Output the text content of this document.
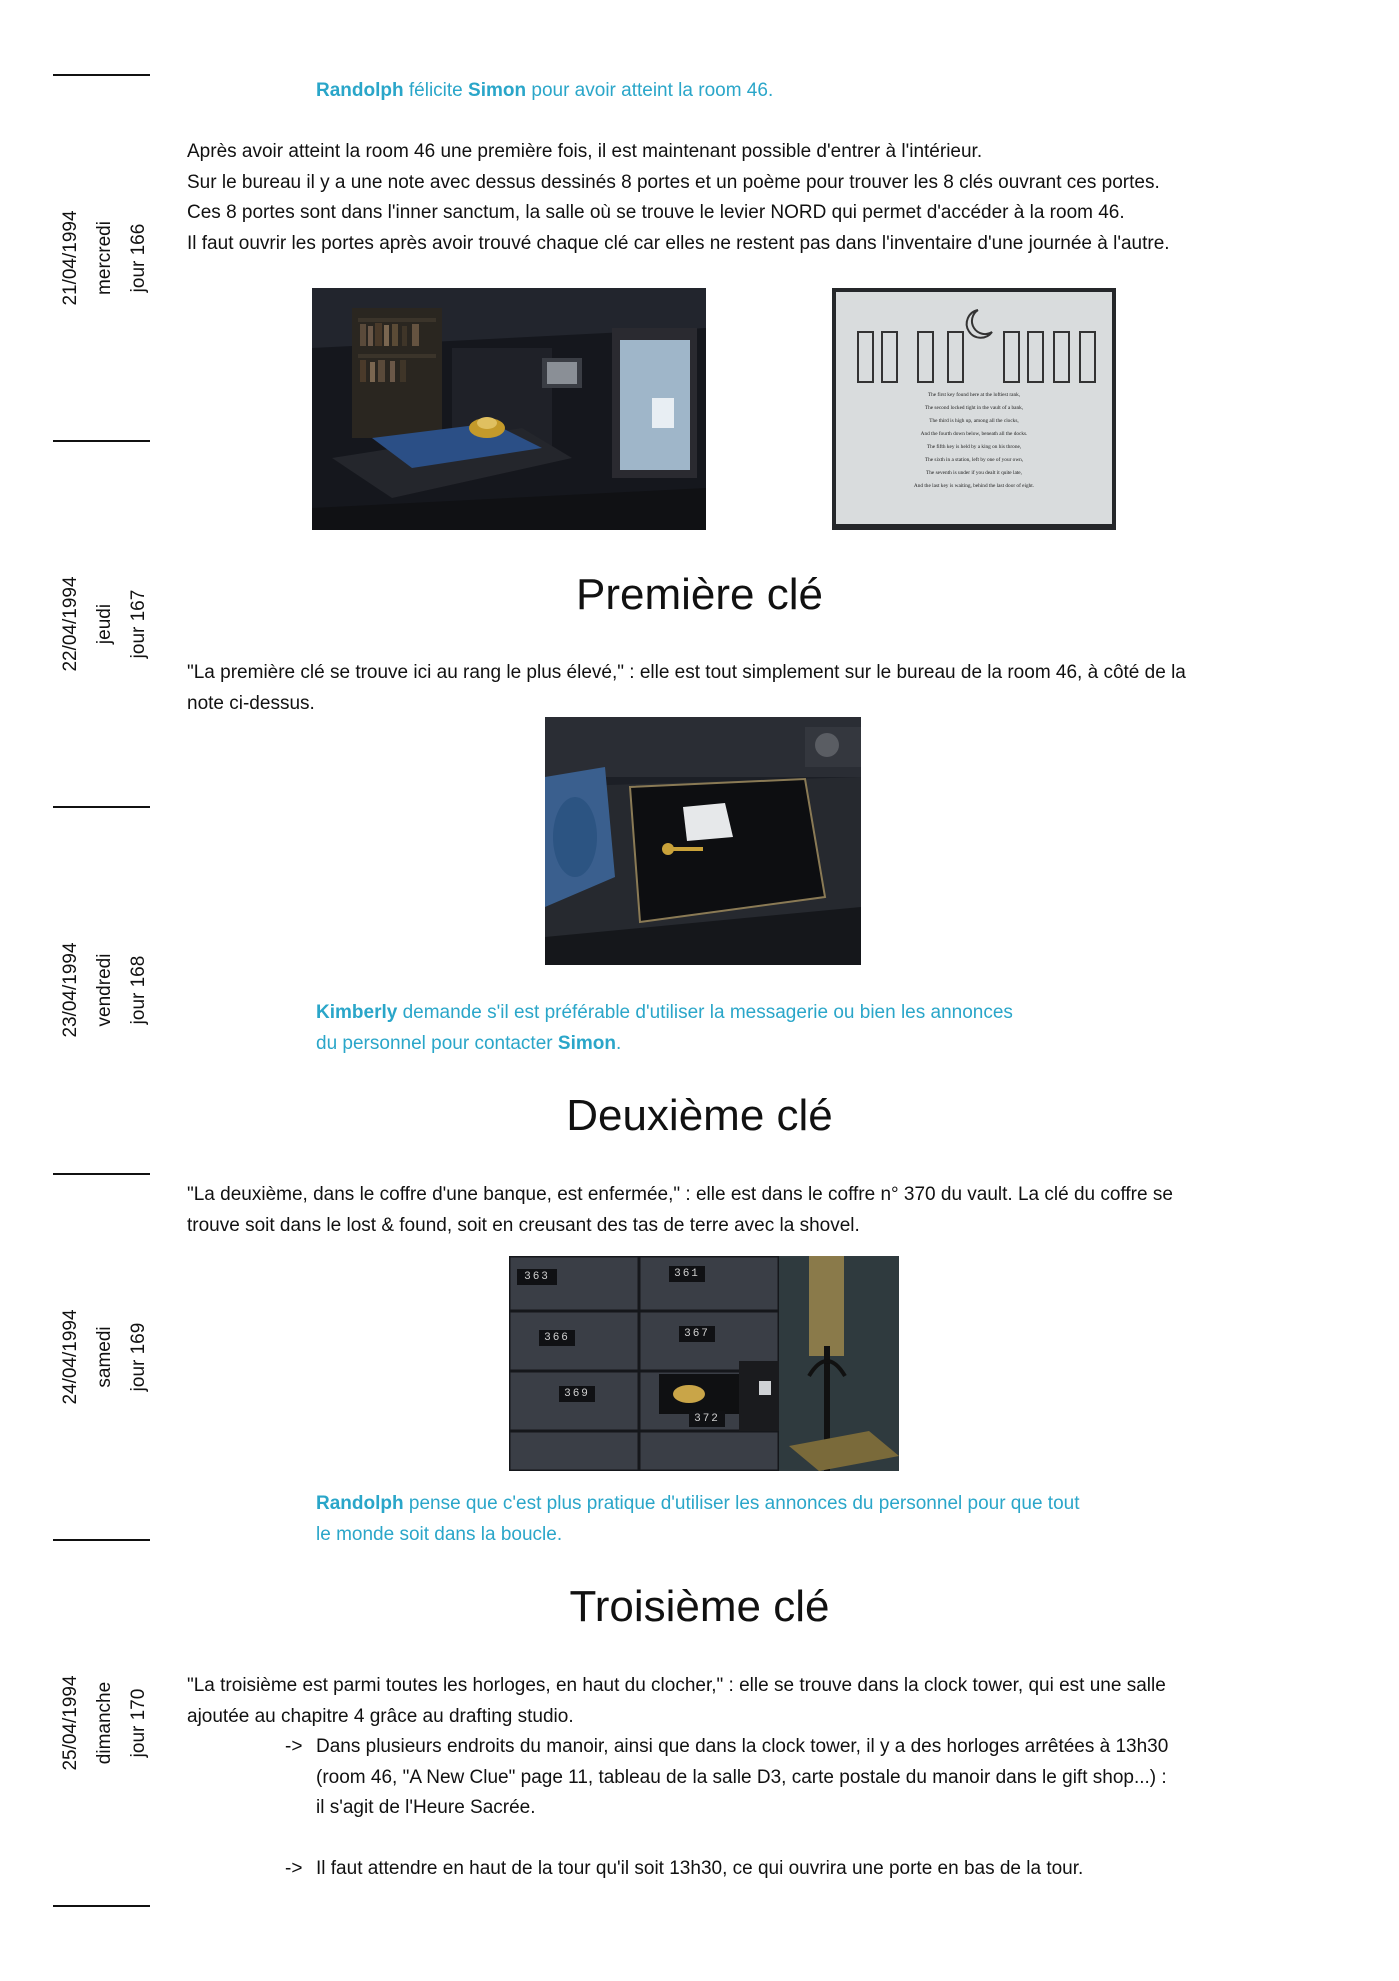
21/04/1994 mercredi jour 166
22/04/1994 jeudi jour 167
23/04/1994 vendredi jour 168
24/04/1994 samedi jour 169
25/04/1994 dimanche jour 170

Randolph félicite Simon pour avoir atteint la room 46.

Après avoir atteint la room 46 une première fois, il est maintenant possible d'entrer à l'intérieur.
Sur le bureau il y a une note avec dessus dessinés 8 portes et un poème pour trouver les 8 clés ouvrant ces portes.
Ces 8 portes sont dans l'inner sanctum, la salle où se trouve le levier NORD qui permet d'accéder à la room 46.
Il faut ouvrir les portes après avoir trouvé chaque clé car elles ne restent pas dans l'inventaire d'une journée à l'autre.
The first key found here at the loftiest rank,
The second locked tight in the vault of a bank,
The third is high up, among all the clocks,
And the fourth down below, beneath all the docks.
The fifth key is held by a king on his throne,
The sixth in a station, left by one of your own,
The seventh is under if you dealt it quite late,
And the last key is waiting, behind the last door of eight.
Première clé
"La première clé se trouve ici au rang le plus élevé," : elle est tout simplement sur le bureau de la room 46, à côté de la
note ci-dessus.
Kimberly demande s'il est préférable d'utiliser la messagerie ou bien les annonces
du personnel pour contacter Simon.
Deuxième clé
"La deuxième, dans le coffre d'une banque, est enfermée," : elle est dans le coffre n° 370 du vault. La clé du coffre se
trouve soit dans le lost & found, soit en creusant des tas de terre avec la shovel.
363	361
366	367
369
372
Randolph pense que c'est plus pratique d'utiliser les annonces du personnel pour que tout
le monde soit dans la boucle.
Troisième clé
"La troisième est parmi toutes les horloges, en haut du clocher," : elle se trouve dans la clock tower, qui est une salle
ajoutée au chapitre 4 grâce au drafting studio.
-> Dans plusieurs endroits du manoir, ainsi que dans la clock tower, il y a des horloges arrêtées à 13h30
(room 46, "A New Clue" page 11, tableau de la salle D3, carte postale du manoir dans le gift shop...) :
il s'agit de l'Heure Sacrée.
-> Il faut attendre en haut de la tour qu'il soit 13h30, ce qui ouvrira une porte en bas de la tour.
